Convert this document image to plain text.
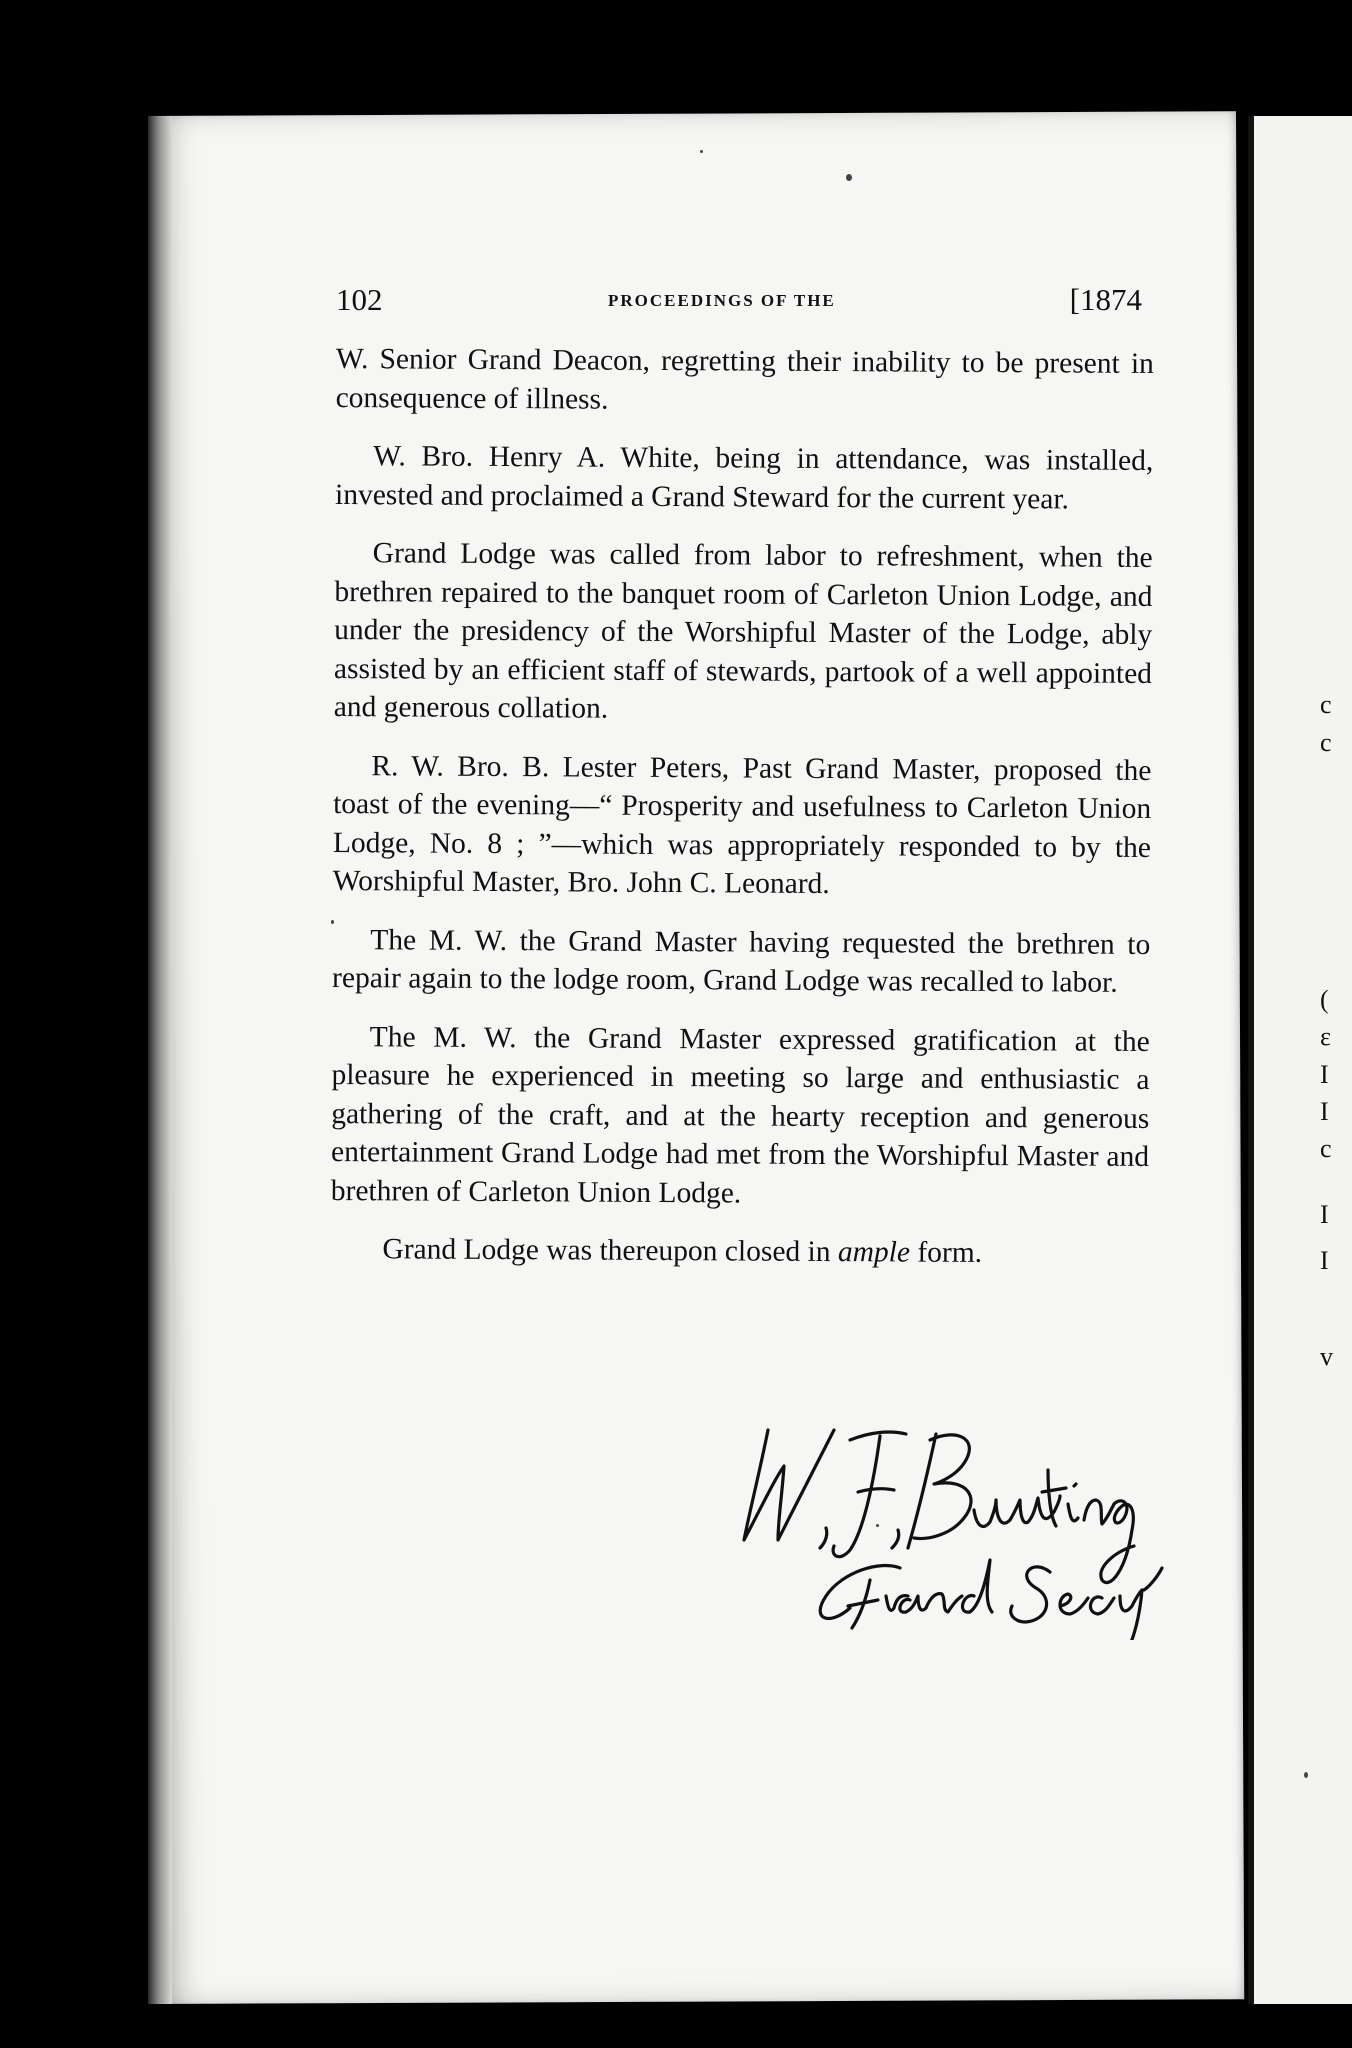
c
c
(
ε
I
I
c
I
I
v
102	PROCEEDINGS OF THE	[1874

W. Senior Grand Deacon, regretting their inability to be present in consequence of illness.

W. Bro. Henry A. White, being in attendance, was installed, invested and proclaimed a Grand Steward for the current year.

Grand Lodge was called from labor to refreshment, when the brethren repaired to the banquet room of Carleton Union Lodge, and under the presidency of the Worshipful Master of the Lodge, ably assisted by an efficient staff of stewards, partook of a well appointed and generous collation.

R. W. Bro. B. Lester Peters, Past Grand Master, proposed the toast of the evening—“ Prosperity and usefulness to Carleton Union Lodge, No. 8 ; ”—which was appropriately responded to by the Worshipful Master, Bro. John C. Leonard.

The M. W. the Grand Master having requested the brethren to repair again to the lodge room, Grand Lodge was recalled to labor.

The M. W. the Grand Master expressed gratification at the pleasure he experienced in meeting so large and enthusiastic a gathering of the craft, and at the hearty reception and generous entertainment Grand Lodge had met from the Worshipful Master and brethren of Carleton Union Lodge.

Grand Lodge was thereupon closed in ample form.
